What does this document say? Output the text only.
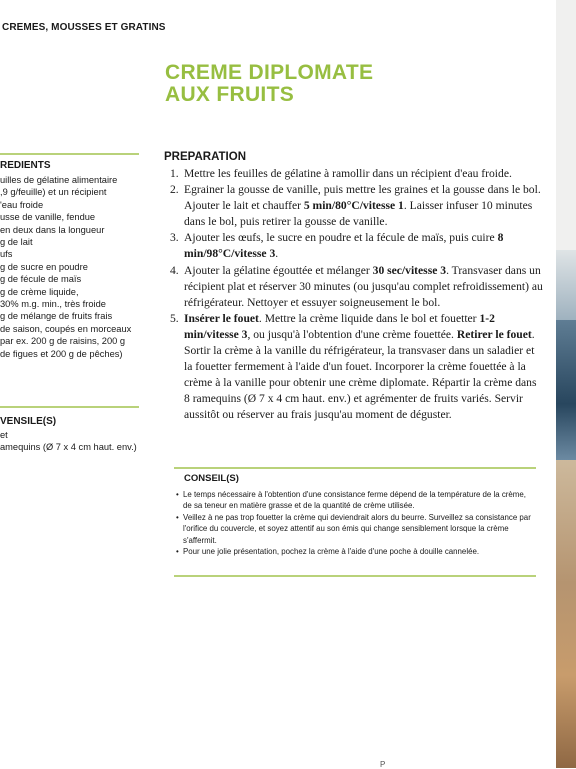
CREMES, MOUSSES ET GRATINS
CREME DIPLOMATE
AUX FRUITS
REDIENTS
uilles de gélatine alimentaire
,9 g/feuille) et un récipient
'eau froide
usse de vanille, fendue
en deux dans la longueur
g de lait
ufs
g de sucre en poudre
g de fécule de maïs
g de crème liquide,
30% m.g. min., très froide
g de mélange de fruits frais
de saison, coupés en morceaux
par ex. 200 g de raisins, 200 g
de figues et 200 g de pêches)
VENSILE(S)
et
amequins (Ø 7 x 4 cm haut. env.)
PREPARATION
1. Mettre les feuilles de gélatine à ramollir dans un récipient d'eau froide.
2. Egrainer la gousse de vanille, puis mettre les graines et la gousse dans le bol. Ajouter le lait et chauffer 5 min/80°C/vitesse 1. Laisser infuser 10 minutes dans le bol, puis retirer la gousse de vanille.
3. Ajouter les œufs, le sucre en poudre et la fécule de maïs, puis cuire 8 min/98°C/vitesse 3.
4. Ajouter la gélatine égouttée et mélanger 30 sec/vitesse 3. Transvaser dans un récipient plat et réserver 30 minutes (ou jusqu'au complet refroidissement) au réfrigérateur. Nettoyer et essuyer soigneusement le bol.
5. Insérer le fouet. Mettre la crème liquide dans le bol et fouetter 1-2 min/vitesse 3, ou jusqu'à l'obtention d'une crème fouettée. Retirer le fouet. Sortir la crème à la vanille du réfrigérateur, la transvaser dans un saladier et la fouetter fermement à l'aide d'un fouet. Incorporer la crème fouettée à la crème à la vanille pour obtenir une crème diplomate. Répartir la crème dans 8 ramequins (Ø 7 x 4 cm haut. env.) et agrémenter de fruits variés. Servir aussitôt ou réserver au frais jusqu'au moment de déguster.
CONSEIL(S)
• Le temps nécessaire à l'obtention d'une consistance ferme dépend de la température de la crème, de sa teneur en matière grasse et de la quantité de crème utilisée.
• Veillez à ne pas trop fouetter la crème qui deviendrait alors du beurre. Surveillez sa consistance par l'orifice du couvercle, et soyez attentif au son émis qui change sensiblement lorsque la crème s'affermit.
• Pour une jolie présentation, pochez la crème à l'aide d'une poche à douille cannelée.
P
